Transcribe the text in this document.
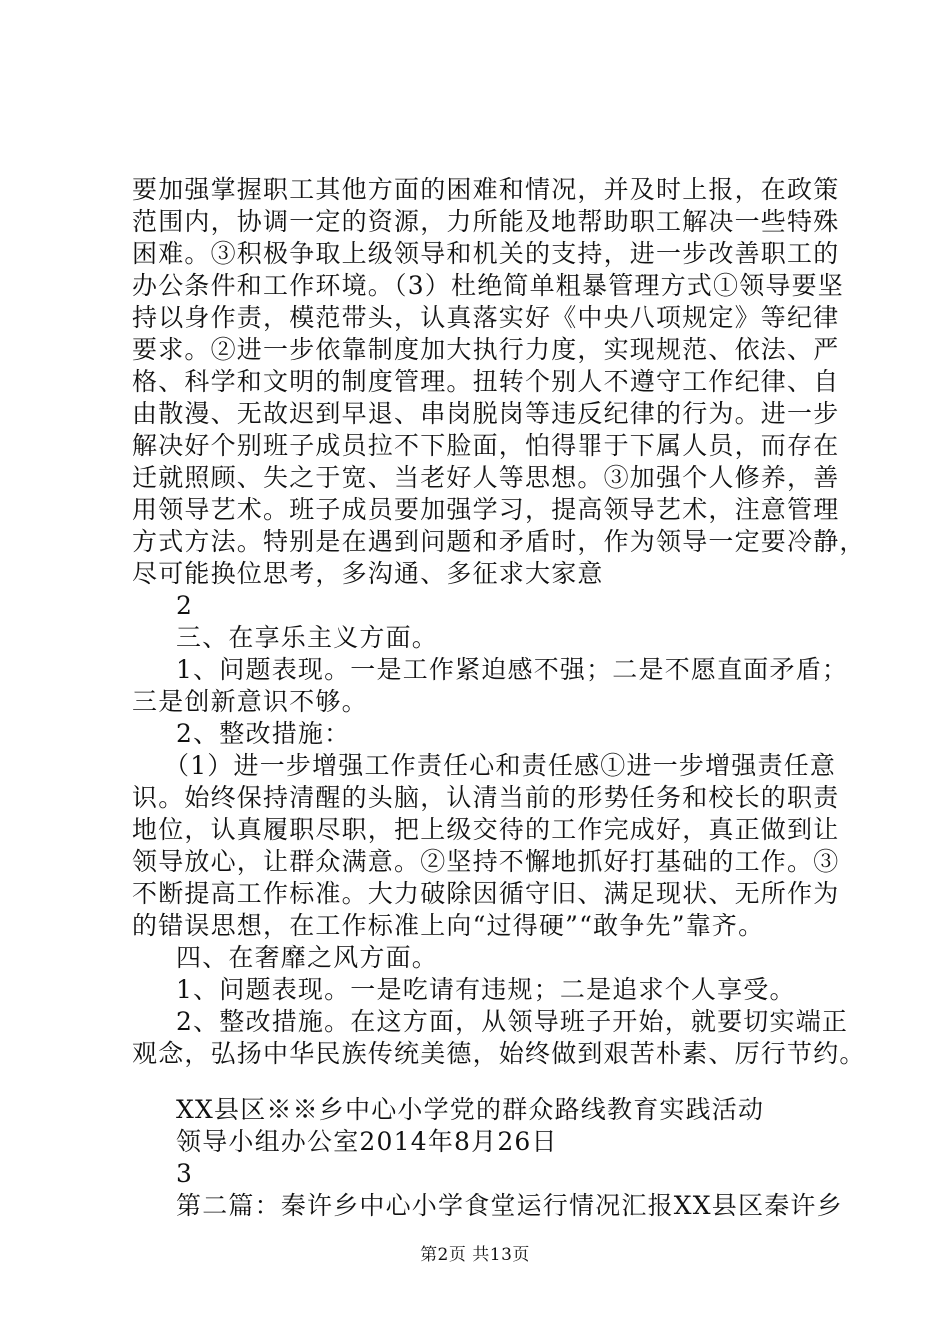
要加强掌握职工其他方面的困难和情况，并及时上报，在政策
范围内，协调一定的资源，力所能及地帮助职工解决一些特殊
困难。③积极争取上级领导和机关的支持，进一步改善职工的
办公条件和工作环境。（3）杜绝简单粗暴管理方式①领导要坚
持以身作责，模范带头，认真落实好《中央八项规定》等纪律
要求。②进一步依靠制度加大执行力度，实现规范、依法、严
格、科学和文明的制度管理。扭转个别人不遵守工作纪律、自
由散漫、无故迟到早退、串岗脱岗等违反纪律的行为。进一步
解决好个别班子成员拉不下脸面，怕得罪于下属人员，而存在
迁就照顾、失之于宽、当老好人等思想。③加强个人修养，善
用领导艺术。班子成员要加强学习，提高领导艺术，注意管理
方式方法。特别是在遇到问题和矛盾时，作为领导一定要冷静，
尽可能换位思考，多沟通、多征求大家意
2
三、在享乐主义方面。
1、问题表现。一是工作紧迫感不强；二是不愿直面矛盾；
三是创新意识不够。
2、整改措施：
（1）进一步增强工作责任心和责任感①进一步增强责任意
识。始终保持清醒的头脑，认清当前的形势任务和校长的职责
地位，认真履职尽职，把上级交待的工作完成好，真正做到让
领导放心，让群众满意。②坚持不懈地抓好打基础的工作。③
不断提高工作标准。大力破除因循守旧、满足现状、无所作为
的错误思想，在工作标准上向“过得硬”“敢争先”靠齐。
四、在奢靡之风方面。
1、问题表现。一是吃请有违规；二是追求个人享受。
2、整改措施。在这方面，从领导班子开始，就要切实端正
观念，弘扬中华民族传统美德，始终做到艰苦朴素、厉行节约。
XX县区※※乡中心小学党的群众路线教育实践活动
领导小组办公室2014年8月26日
3
第二篇：秦许乡中心小学食堂运行情况汇报XX县区秦许乡
第2页 共13页
